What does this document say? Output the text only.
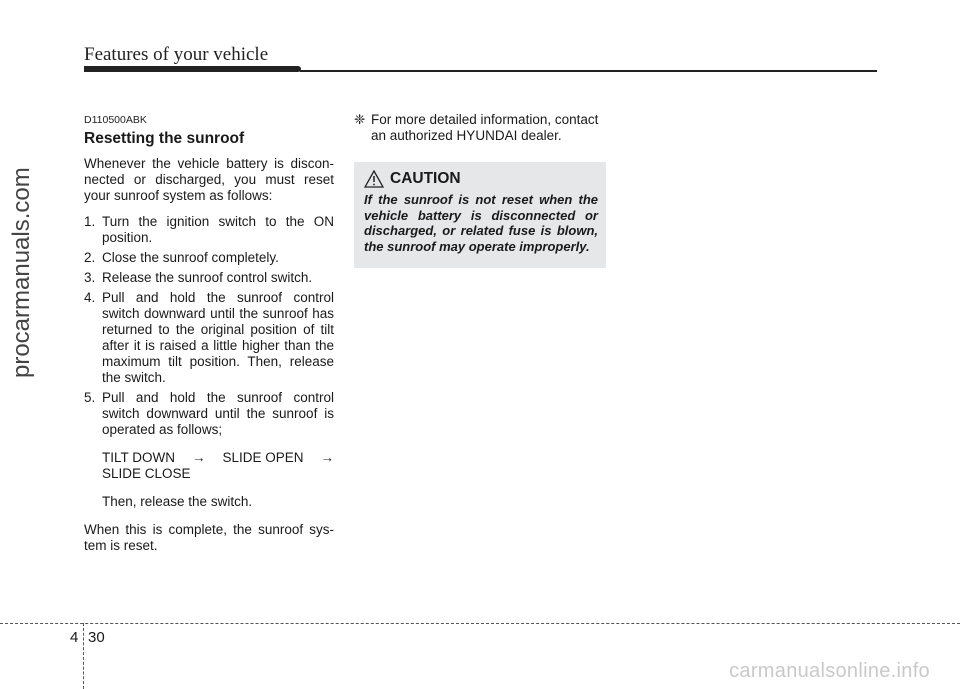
Features of your vehicle
procarmanuals.com
D110500ABK
Resetting the sunroof

Whenever the vehicle battery is discon-nected or discharged, you must reset your sunroof system as follows:

1. Turn the ignition switch to the ON position.
2. Close the sunroof completely.
3. Release the sunroof control switch.
4. Pull and hold the sunroof control switch downward until the sunroof has returned to the original position of tilt after it is raised a little higher than the maximum tilt position. Then, release the switch.
5. Pull and hold the sunroof control switch downward until the sunroof is operated as follows;
TILT DOWN → SLIDE OPEN →
SLIDE CLOSE
Then, release the switch.

When this is complete, the sunroof sys-tem is reset.

❈ For more detailed information, contact an authorized HYUNDAI dealer.
CAUTION
If the sunroof is not reset when the vehicle battery is disconnected or discharged, or related fuse is blown, the sunroof may operate improperly.
4 30
carmanualsonline.info
